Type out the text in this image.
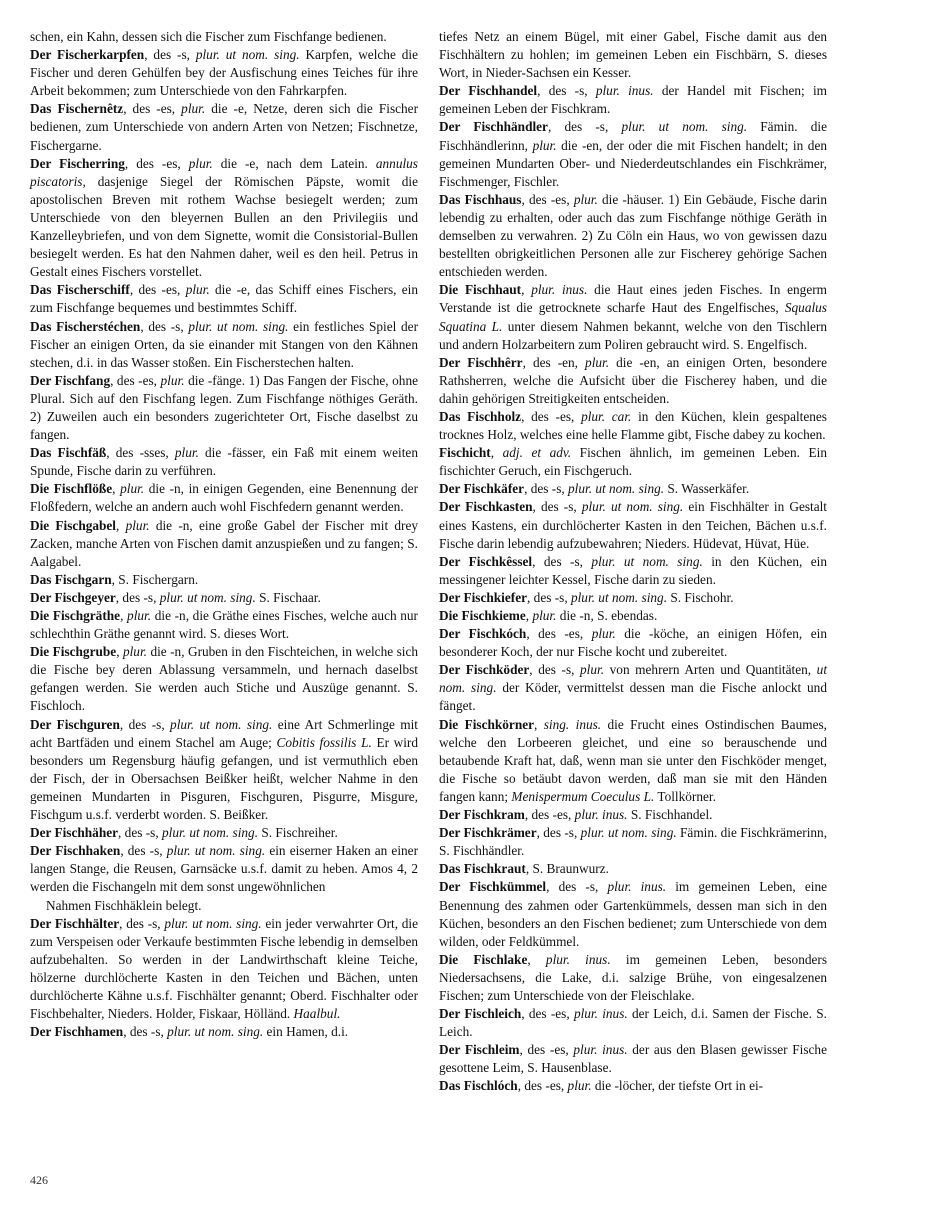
schen, ein Kahn, dessen sich die Fischer zum Fischfange bedienen.

Der Fischerkarpfen, des -s, plur. ut nom. sing. Karpfen, welche die Fischer und deren Gehülfen bey der Ausfischung eines Teiches für ihre Arbeit bekommen; zum Unterschiede von den Fahrkarpfen.

Das Fischernêtz, des -es, plur. die -e, Netze, deren sich die Fischer bedienen, zum Unterschiede von andern Arten von Netzen; Fischnetze, Fischergarne.

Der Fischerring, des -es, plur. die -e, nach dem Latein. annulus piscatoris, dasjenige Siegel der Römischen Päpste, womit die apostolischen Breven mit rothem Wachse besiegelt werden; zum Unterschiede von den bleyernen Bullen an den Privilegiis und Kanzelleybriefen, und von dem Signette, womit die Consistorial-Bullen besiegelt werden. Es hat den Nahmen daher, weil es den heil. Petrus in Gestalt eines Fischers vorstellet.

Das Fischerschiff, des -es, plur. die -e, das Schiff eines Fischers, ein zum Fischfange bequemes und bestimmtes Schiff.

Das Fischerstéchen, des -s, plur. ut nom. sing. ein festliches Spiel der Fischer an einigen Orten, da sie einander mit Stangen von den Kähnen stechen, d.i. in das Wasser stoßen. Ein Fischerstechen halten.

Der Fischfang, des -es, plur. die -fänge. 1) Das Fangen der Fische, ohne Plural. Sich auf den Fischfang legen. Zum Fischfange nöthiges Geräth. 2) Zuweilen auch ein besonders zugerichteter Ort, Fische daselbst zu fangen.

Das Fischfäß, des -sses, plur. die -fässer, ein Faß mit einem weiten Spunde, Fische darin zu verführen.

Die Fischflöße, plur. die -n, in einigen Gegenden, eine Benennung der Floßfedern, welche an andern auch wohl Fischfedern genannt werden.

Die Fischgabel, plur. die -n, eine große Gabel der Fischer mit drey Zacken, manche Arten von Fischen damit anzuspießen und zu fangen; S. Aalgabel.

Das Fischgarn, S. Fischergarn.

Der Fischgeyer, des -s, plur. ut nom. sing. S. Fischaar.

Die Fischgräthe, plur. die -n, die Gräthe eines Fisches, welche auch nur schlechthin Gräthe genannt wird. S. dieses Wort.

Die Fischgrube, plur. die -n, Gruben in den Fischteichen, in welche sich die Fische bey deren Ablassung versammeln, und hernach daselbst gefangen werden. Sie werden auch Stiche und Auszüge genannt. S. Fischloch.

Der Fischguren, des -s, plur. ut nom. sing. eine Art Schmerlinge mit acht Bartfäden und einem Stachel am Auge; Cobitis fossilis L. Er wird besonders um Regensburg häufig gefangen, und ist vermuthlich eben der Fisch, der in Obersachsen Beißker heißt, welcher Nahme in den gemeinen Mundarten in Pisguren, Fischguren, Pisgurre, Misgure, Fischgum u.s.f. verderbt worden. S. Beißker.

Der Fischhäher, des -s, plur. ut nom. sing. S. Fischreiher.

Der Fischhaken, des -s, plur. ut nom. sing. ein eiserner Haken an einer langen Stange, die Reusen, Garnsäcke u.s.f. damit zu heben. Amos 4, 2 werden die Fischangeln mit dem sonst ungewöhnlichen

Nahmen Fischhäklein belegt.

Der Fischhälter, des -s, plur. ut nom. sing. ein jeder verwahrter Ort, die zum Verspeisen oder Verkaufe bestimmten Fische lebendig in demselben aufzubehalten. So werden in der Landwirthschaft kleine Teiche, hölzerne durchlöcherte Kasten in den Teichen und Bächen, unten durchlöcherte Kähne u.s.f. Fischhälter genannt; Oberd. Fischhalter oder Fischbehalter, Nieders. Holder, Fiskaar, Hölländ. Haalbul.

Der Fischhamen, des -s, plur. ut nom. sing. ein Hamen, d.i.

tiefes Netz an einem Bügel, mit einer Gabel, Fische damit aus den Fischhältern zu hohlen; im gemeinen Leben ein Fischbärn, S. dieses Wort, in Nieder-Sachsen ein Kesser.

Der Fischhandel, des -s, plur. inus. der Handel mit Fischen; im gemeinen Leben der Fischkram.

Der Fischhändler, des -s, plur. ut nom. sing. Fämin. die Fischhändlerinn, plur. die -en, der oder die mit Fischen handelt; in den gemeinen Mundarten Ober- und Niederdeutschlandes ein Fischkrämer, Fischmenger, Fischler.

Das Fischhaus, des -es, plur. die -häuser. 1) Ein Gebäude, Fische darin lebendig zu erhalten, oder auch das zum Fischfange nöthige Geräth in demselben zu verwahren. 2) Zu Cöln ein Haus, wo von gewissen dazu bestellten obrigkeitlichen Personen alle zur Fischerey gehörige Sachen entschieden werden.

Die Fischhaut, plur. inus. die Haut eines jeden Fisches. In engerm Verstande ist die getrocknete scharfe Haut des Engelfisches, Squalus Squatina L. unter diesem Nahmen bekannt, welche von den Tischlern und andern Holzarbeitern zum Poliren gebraucht wird. S. Engelfisch.

Der Fischhêrr, des -en, plur. die -en, an einigen Orten, besondere Rathsherren, welche die Aufsicht über die Fischerey haben, und die dahin gehörigen Streitigkeiten entscheiden.

Das Fischholz, des -es, plur. car. in den Küchen, klein gespaltenes trocknes Holz, welches eine helle Flamme gibt, Fische dabey zu kochen.

Fischicht, adj. et adv. Fischen ähnlich, im gemeinen Leben. Ein fischichter Geruch, ein Fischgeruch.

Der Fischkäfer, des -s, plur. ut nom. sing. S. Wasserkäfer.

Der Fischkasten, des -s, plur. ut nom. sing. ein Fischhälter in Gestalt eines Kastens, ein durchlöcherter Kasten in den Teichen, Bächen u.s.f. Fische darin lebendig aufzubewahren; Nieders. Hüdevat, Hüvat, Hüe.

Der Fischkêssel, des -s, plur. ut nom. sing. in den Küchen, ein messingener leichter Kessel, Fische darin zu sieden.

Der Fischkiefer, des -s, plur. ut nom. sing. S. Fischohr.

Die Fischkieme, plur. die -n, S. ebendas.

Der Fischkóch, des -es, plur. die -köche, an einigen Höfen, ein besonderer Koch, der nur Fische kocht und zubereitet.

Der Fischköder, des -s, plur. von mehrern Arten und Quantitäten, ut nom. sing. der Köder, vermittelst dessen man die Fische anlockt und fänget.

Die Fischkörner, sing. inus. die Frucht eines Ostindischen Baumes, welche den Lorbeeren gleichet, und eine so berauschende und betaubende Kraft hat, daß, wenn man sie unter den Fischköder menget, die Fische so betäubt davon werden, daß man sie mit den Händen fangen kann; Menispermum Coeculus L. Tollkörner.

Der Fischkram, des -es, plur. inus. S. Fischhandel.

Der Fischkrämer, des -s, plur. ut nom. sing. Fämin. die Fischkrämerinn, S. Fischhändler.

Das Fischkraut, S. Braunwurz.

Der Fischkümmel, des -s, plur. inus. im gemeinen Leben, eine Benennung des zahmen oder Gartenkümmels, dessen man sich in den Küchen, besonders an den Fischen bedienet; zum Unterschiede von dem wilden, oder Feldkümmel.

Die Fischlake, plur. inus. im gemeinen Leben, besonders Niedersachsens, die Lake, d.i. salzige Brühe, von eingesalzenen Fischen; zum Unterschiede von der Fleischlake.

Der Fischleich, des -es, plur. inus. der Leich, d.i. Samen der Fische. S. Leich.

Der Fischleim, des -es, plur. inus. der aus den Blasen gewisser Fische gesottene Leim, S. Hausenblase.

Das Fischlóch, des -es, plur. die -löcher, der tiefste Ort in ei-

426
